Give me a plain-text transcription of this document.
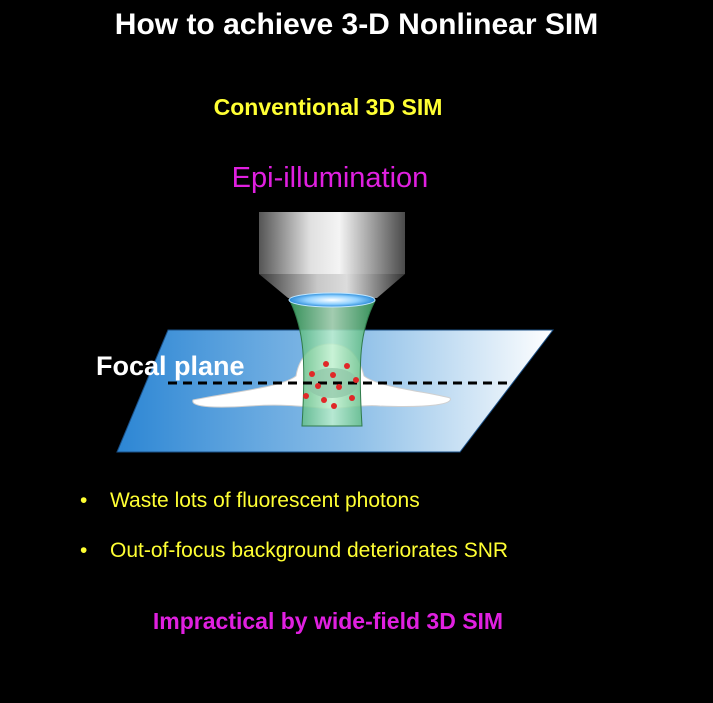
How to achieve 3-D Nonlinear SIM
Conventional 3D SIM
Epi-illumination
Focal plane
• Waste lots of fluorescent photons
• Out-of-focus background deteriorates SNR
Impractical by wide-field 3D SIM
